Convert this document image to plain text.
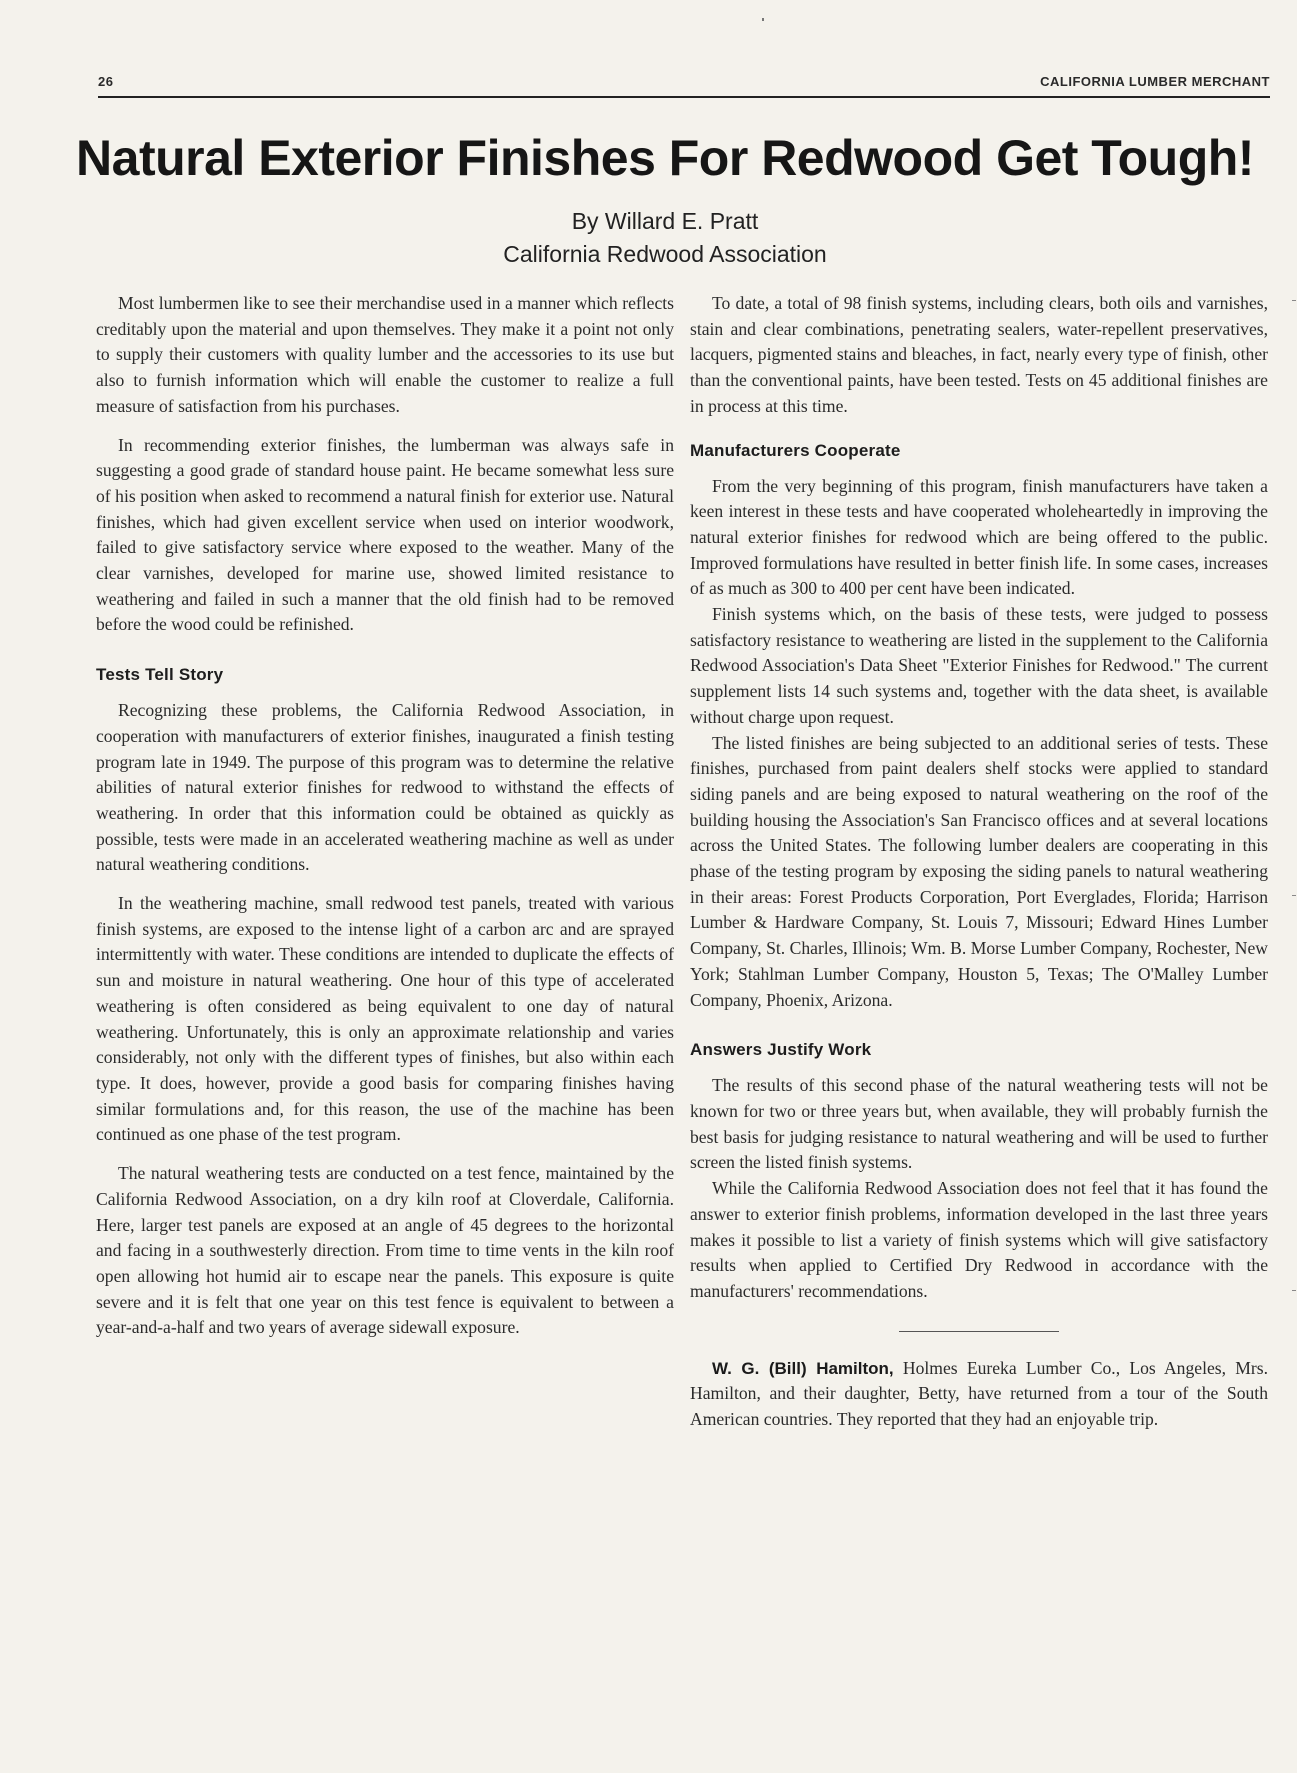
26	CALIFORNIA LUMBER MERCHANT
Natural Exterior Finishes For Redwood Get Tough!
By Willard E. Pratt
California Redwood Association

Most lumbermen like to see their merchandise used in a manner which reflects creditably upon the material and upon themselves. They make it a point not only to supply their customers with quality lumber and the accessories to its use but also to furnish information which will enable the customer to realize a full measure of satisfaction from his purchases.

In recommending exterior finishes, the lumberman was always safe in suggesting a good grade of standard house paint. He became somewhat less sure of his position when asked to recommend a natural finish for exterior use. Natural finishes, which had given excellent service when used on interior woodwork, failed to give satisfactory service where exposed to the weather. Many of the clear varnishes, developed for marine use, showed limited resistance to weathering and failed in such a manner that the old finish had to be removed before the wood could be refinished.

Tests Tell Story

Recognizing these problems, the California Redwood Association, in cooperation with manufacturers of exterior finishes, inaugurated a finish testing program late in 1949. The purpose of this program was to determine the relative abilities of natural exterior finishes for redwood to withstand the effects of weathering. In order that this information could be obtained as quickly as possible, tests were made in an accelerated weathering machine as well as under natural weathering conditions.

In the weathering machine, small redwood test panels, treated with various finish systems, are exposed to the intense light of a carbon arc and are sprayed intermittently with water. These conditions are intended to duplicate the effects of sun and moisture in natural weathering. One hour of this type of accelerated weathering is often considered as being equivalent to one day of natural weathering. Unfortunately, this is only an approximate relationship and varies considerably, not only with the different types of finishes, but also within each type. It does, however, provide a good basis for comparing finishes having similar formulations and, for this reason, the use of the machine has been continued as one phase of the test program.

The natural weathering tests are conducted on a test fence, maintained by the California Redwood Association, on a dry kiln roof at Cloverdale, California. Here, larger test panels are exposed at an angle of 45 degrees to the horizontal and facing in a southwesterly direction. From time to time vents in the kiln roof open allowing hot humid air to escape near the panels. This exposure is quite severe and it is felt that one year on this test fence is equivalent to between a year-and-a-half and two years of average sidewall exposure.

To date, a total of 98 finish systems, including clears, both oils and varnishes, stain and clear combinations, penetrating sealers, water-repellent preservatives, lacquers, pigmented stains and bleaches, in fact, nearly every type of finish, other than the conventional paints, have been tested. Tests on 45 additional finishes are in process at this time.

Manufacturers Cooperate

From the very beginning of this program, finish manufacturers have taken a keen interest in these tests and have cooperated wholeheartedly in improving the natural exterior finishes for redwood which are being offered to the public. Improved formulations have resulted in better finish life. In some cases, increases of as much as 300 to 400 per cent have been indicated.

Finish systems which, on the basis of these tests, were judged to possess satisfactory resistance to weathering are listed in the supplement to the California Redwood Association's Data Sheet "Exterior Finishes for Redwood." The current supplement lists 14 such systems and, together with the data sheet, is available without charge upon request.

The listed finishes are being subjected to an additional series of tests. These finishes, purchased from paint dealers shelf stocks were applied to standard siding panels and are being exposed to natural weathering on the roof of the building housing the Association's San Francisco offices and at several locations across the United States. The following lumber dealers are cooperating in this phase of the testing program by exposing the siding panels to natural weathering in their areas: Forest Products Corporation, Port Everglades, Florida; Harrison Lumber & Hardware Company, St. Louis 7, Missouri; Edward Hines Lumber Company, St. Charles, Illinois; Wm. B. Morse Lumber Company, Rochester, New York; Stahlman Lumber Company, Houston 5, Texas; The O'Malley Lumber Company, Phoenix, Arizona.

Answers Justify Work

The results of this second phase of the natural weathering tests will not be known for two or three years but, when available, they will probably furnish the best basis for judging resistance to natural weathering and will be used to further screen the listed finish systems.

While the California Redwood Association does not feel that it has found the answer to exterior finish problems, information developed in the last three years makes it possible to list a variety of finish systems which will give satisfactory results when applied to Certified Dry Redwood in accordance with the manufacturers' recommendations.

W. G. (Bill) Hamilton, Holmes Eureka Lumber Co., Los Angeles, Mrs. Hamilton, and their daughter, Betty, have returned from a tour of the South American countries. They reported that they had an enjoyable trip.
